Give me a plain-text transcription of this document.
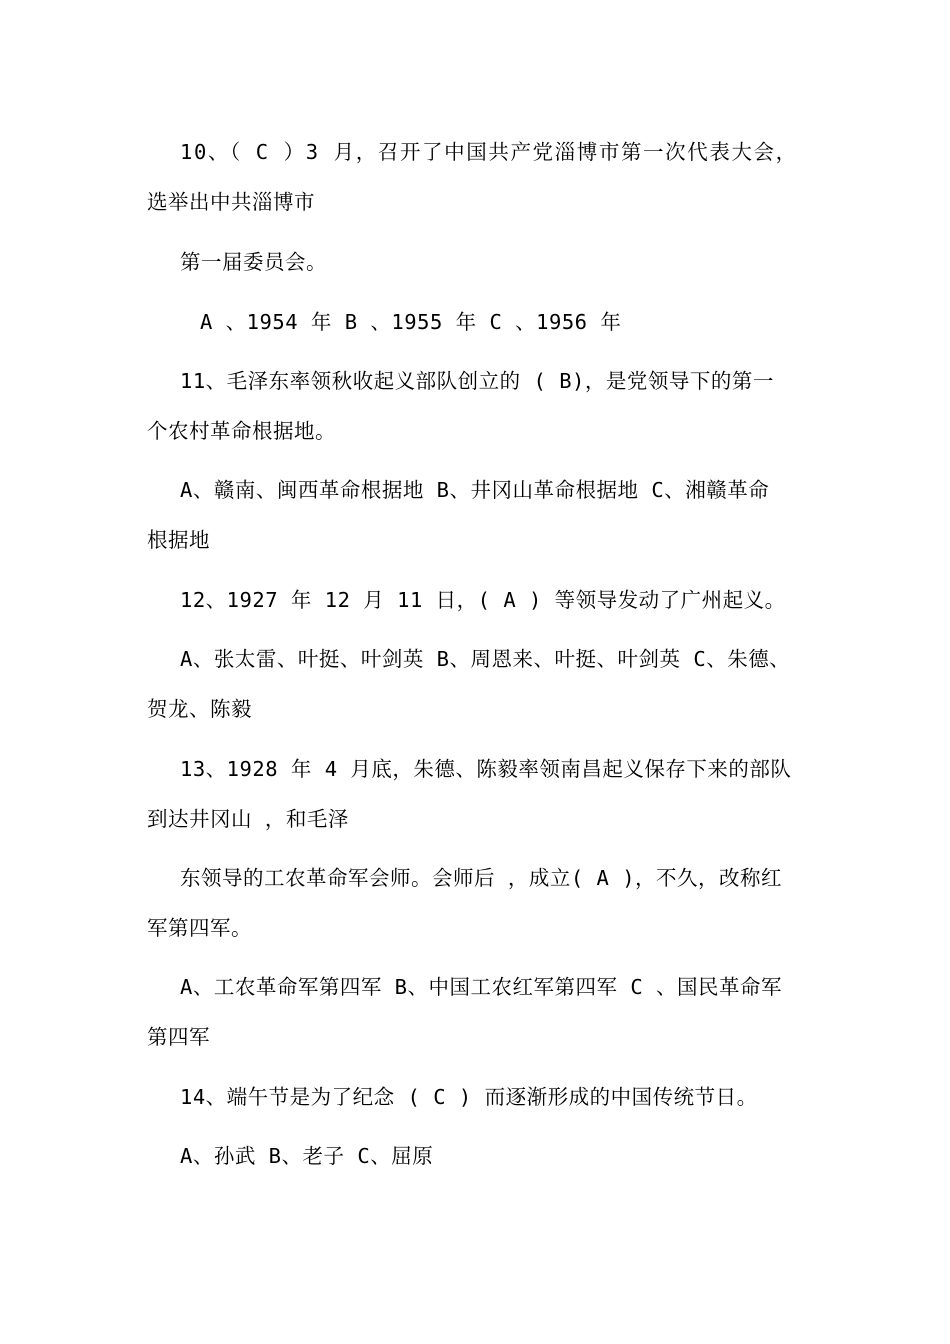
10、（ C ）3 月，召开了中国共产党淄博市第一次代表大会，
选举出中共淄博市
第一届委员会。
A 、1954 年 B 、1955 年 C 、1956 年
11、毛泽东率领秋收起义部队创立的 ( B)，是党领导下的第一
个农村革命根据地。
A、赣南、闽西革命根据地 B、井冈山革命根据地 C、湘赣革命
根据地
12、1927 年 12 月 11 日，( A ) 等领导发动了广州起义。
A、张太雷、叶挺、叶剑英 B、周恩来、叶挺、叶剑英 C、朱德、
贺龙、陈毅
13、1928 年 4 月底，朱德、陈毅率领南昌起义保存下来的部队
到达井冈山 ，和毛泽
东领导的工农革命军会师。会师后 ，成立( A )，不久，改称红
军第四军。
A、工农革命军第四军 B、中国工农红军第四军 C 、国民革命军
第四军
14、端午节是为了纪念 ( C ) 而逐渐形成的中国传统节日。
A、孙武 B、老子 C、屈原
